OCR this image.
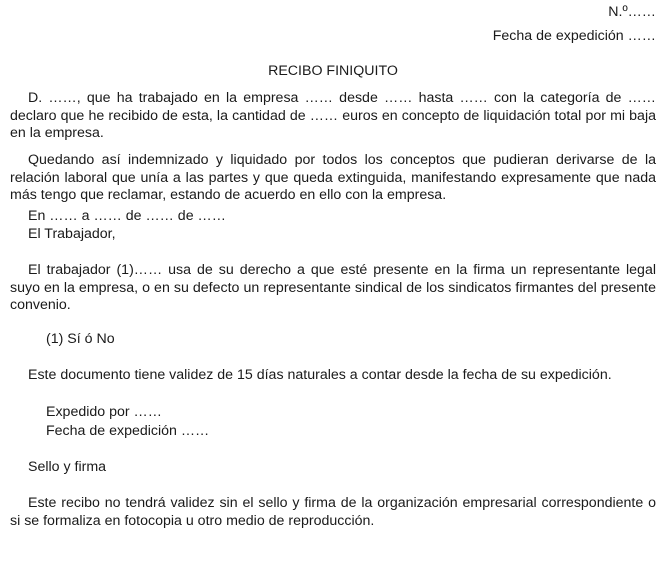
N.º……
Fecha de expedición ……
RECIBO FINIQUITO
D. ……, que ha trabajado en la empresa …… desde …… hasta …… con la categoría de …… declaro que he recibido de esta, la cantidad de …… euros en concepto de liquidación total por mi baja en la empresa.
Quedando así indemnizado y liquidado por todos los conceptos que pudieran derivarse de la relación laboral que unía a las partes y que queda extinguida, manifestando expresamente que nada más tengo que reclamar, estando de acuerdo en ello con la empresa.
En …… a …… de …… de ……
El Trabajador,
El trabajador (1)…… usa de su derecho a que esté presente en la firma un representante legal suyo en la empresa, o en su defecto un representante sindical de los sindicatos firmantes del presente convenio.
(1) Sí ó No
Este documento tiene validez de 15 días naturales a contar desde la fecha de su expedición.
Expedido por ……
Fecha de expedición ……
Sello y firma
Este recibo no tendrá validez sin el sello y firma de la organización empresarial correspondiente o si se formaliza en fotocopia u otro medio de reproducción.
